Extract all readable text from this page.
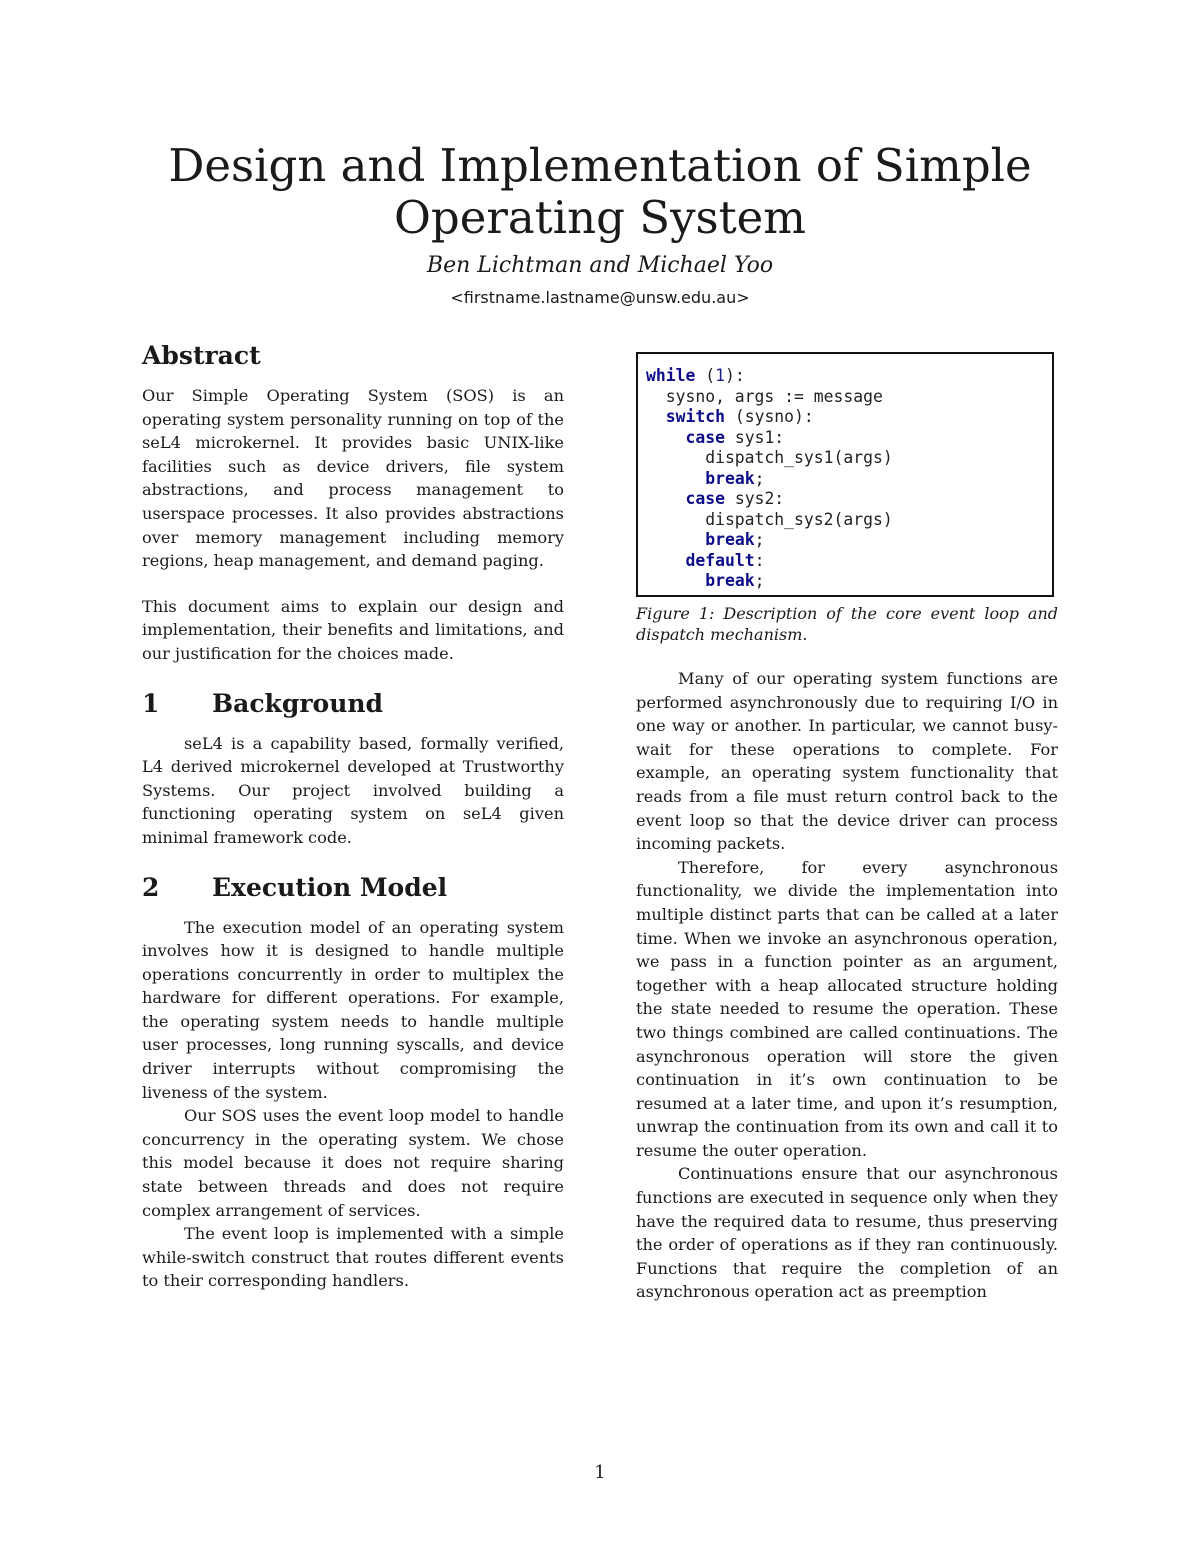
Design and Implementation of Simple
Operating System
Ben Lichtman and Michael Yoo
<firstname.lastname@unsw.edu.au>
Abstract

Our Simple Operating System (SOS) is an operating system personality running on top of the seL4 microkernel. It provides basic UNIX-like facilities such as device drivers, file system abstractions, and process management to userspace processes. It also provides abstractions over memory management including memory regions, heap management, and demand paging.

This document aims to explain our design and implementation, their benefits and limitations, and our justification for the choices made.

1	Background

seL4 is a capability based, formally verified, L4 derived microkernel developed at Trustworthy Systems. Our project involved building a functioning operating system on seL4 given minimal framework code.

2	Execution Model

The execution model of an operating system involves how it is designed to handle multiple operations concurrently in order to multiplex the hardware for different operations. For example, the operating system needs to handle multiple user processes, long running syscalls, and device driver interrupts without compromising the liveness of the system.

Our SOS uses the event loop model to handle concurrency in the operating system. We chose this model because it does not require sharing state between threads and does not require complex arrangement of services.

The event loop is implemented with a simple while-switch construct that routes different events to their corresponding handlers.

while (1):
sysno, args := message
switch (sysno):
case sys1:
dispatch_sys1(args)
break;
case sys2:
dispatch_sys2(args)
break;
default:
break;
Figure 1: Description of the core event loop and dispatch mechanism.

Many of our operating system functions are performed asynchronously due to requiring I/O in one way or another. In particular, we cannot busy-wait for these operations to complete. For example, an operating system functionality that reads from a file must return control back to the event loop so that the device driver can process incoming packets.

Therefore, for every asynchronous functionality, we divide the implementation into multiple distinct parts that can be called at a later time. When we invoke an asynchronous operation, we pass in a function pointer as an argument, together with a heap allocated structure holding the state needed to resume the operation. These two things combined are called continuations. The asynchronous operation will store the given continuation in it’s own continuation to be resumed at a later time, and upon it’s resumption, unwrap the continuation from its own and call it to resume the outer operation.

Continuations ensure that our asynchronous functions are executed in sequence only when they have the required data to resume, thus preserving the order of operations as if they ran continuously. Functions that require the completion of an asynchronous operation act as preemption

1
